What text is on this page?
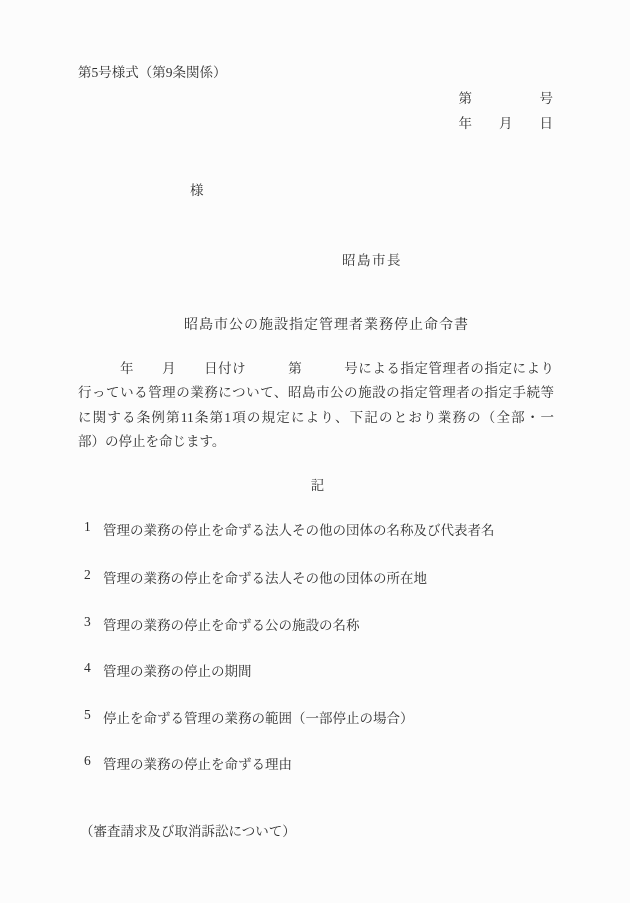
第5号様式（第9条関係）
第　　　　　号
年　　月　　日
様
昭島市長
昭島市公の施設指定管理者業務停止命令書
　　　年　　月　　日付け　　　第　　　号による指定管理者の指定により
行っている管理の業務について、昭島市公の施設の指定管理者の指定手続等
に関する条例第11条第1項の規定により、下記のとおり業務の（全部・一
部）の停止を命じます。
記
1 管理の業務の停止を命ずる法人その他の団体の名称及び代表者名
2 管理の業務の停止を命ずる法人その他の団体の所在地
3 管理の業務の停止を命ずる公の施設の名称
4 管理の業務の停止の期間
5 停止を命ずる管理の業務の範囲（一部停止の場合）
6 管理の業務の停止を命ずる理由
（審査請求及び取消訴訟について）
